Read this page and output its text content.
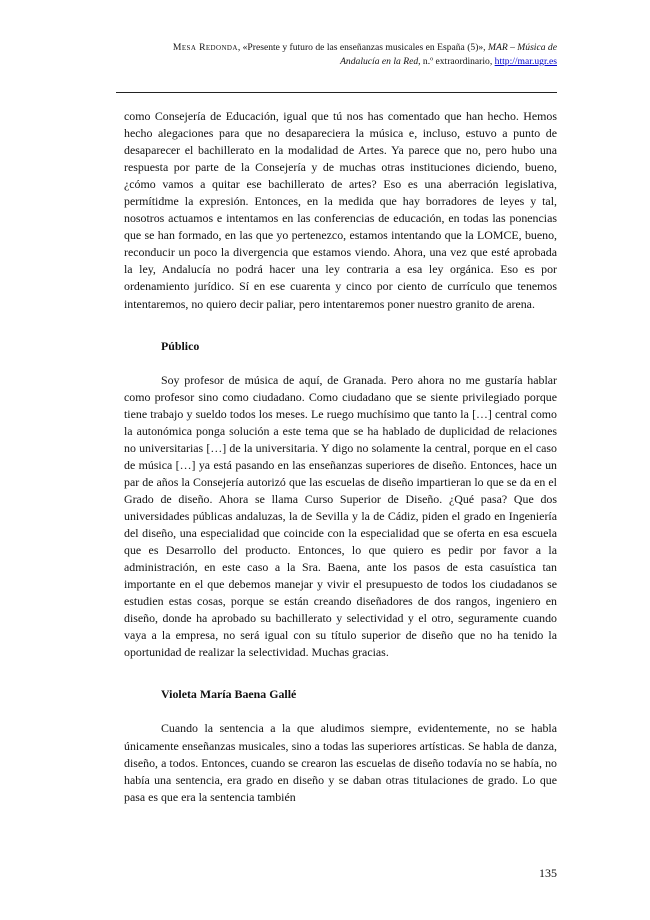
Mesa Redonda, «Presente y futuro de las enseñanzas musicales en España (5)», MAR – Música de
Andalucía en la Red, n.º extraordinario, http://mar.ugr.es

como Consejería de Educación, igual que tú nos has comentado que han hecho. Hemos hecho alegaciones para que no desapareciera la música e, incluso, estuvo a punto de desaparecer el bachillerato en la modalidad de Artes. Ya parece que no, pero hubo una respuesta por parte de la Consejería y de muchas otras instituciones diciendo, bueno, ¿cómo vamos a quitar ese bachillerato de artes? Eso es una aberración legislativa, permítidme la expresión. Entonces, en la medida que hay borradores de leyes y tal, nosotros actuamos e intentamos en las conferencias de educación, en todas las ponencias que se han formado, en las que yo pertenezco, estamos intentando que la LOMCE, bueno, reconducir un poco la divergencia que estamos viendo. Ahora, una vez que esté aprobada la ley, Andalucía no podrá hacer una ley contraria a esa ley orgánica. Eso es por ordenamiento jurídico. Sí en ese cuarenta y cinco por ciento de currículo que tenemos intentaremos, no quiero decir paliar, pero intentaremos poner nuestro granito de arena.

Público

Soy profesor de música de aquí, de Granada. Pero ahora no me gustaría hablar como profesor sino como ciudadano. Como ciudadano que se siente privilegiado porque tiene trabajo y sueldo todos los meses. Le ruego muchísimo que tanto la […] central como la autonómica ponga solución a este tema que se ha hablado de duplicidad de relaciones no universitarias […] de la universitaria. Y digo no solamente la central, porque en el caso de música […] ya está pasando en las enseñanzas superiores de diseño. Entonces, hace un par de años la Consejería autorizó que las escuelas de diseño impartieran lo que se da en el Grado de diseño. Ahora se llama Curso Superior de Diseño. ¿Qué pasa? Que dos universidades públicas andaluzas, la de Sevilla y la de Cádiz, piden el grado en Ingeniería del diseño, una especialidad que coincide con la especialidad que se oferta en esa escuela que es Desarrollo del producto. Entonces, lo que quiero es pedir por favor a la administración, en este caso a la Sra. Baena, ante los pasos de esta casuística tan importante en el que debemos manejar y vivir el presupuesto de todos los ciudadanos se estudien estas cosas, porque se están creando diseñadores de dos rangos, ingeniero en diseño, donde ha aprobado su bachillerato y selectividad y el otro, seguramente cuando vaya a la empresa, no será igual con su título superior de diseño que no ha tenido la oportunidad de realizar la selectividad. Muchas gracias.

Violeta María Baena Gallé

Cuando la sentencia a la que aludimos siempre, evidentemente, no se habla únicamente enseñanzas musicales, sino a todas las superiores artísticas. Se habla de danza, diseño, a todos. Entonces, cuando se crearon las escuelas de diseño todavía no se había, no había una sentencia, era grado en diseño y se daban otras titulaciones de grado. Lo que pasa es que era la sentencia también

135
